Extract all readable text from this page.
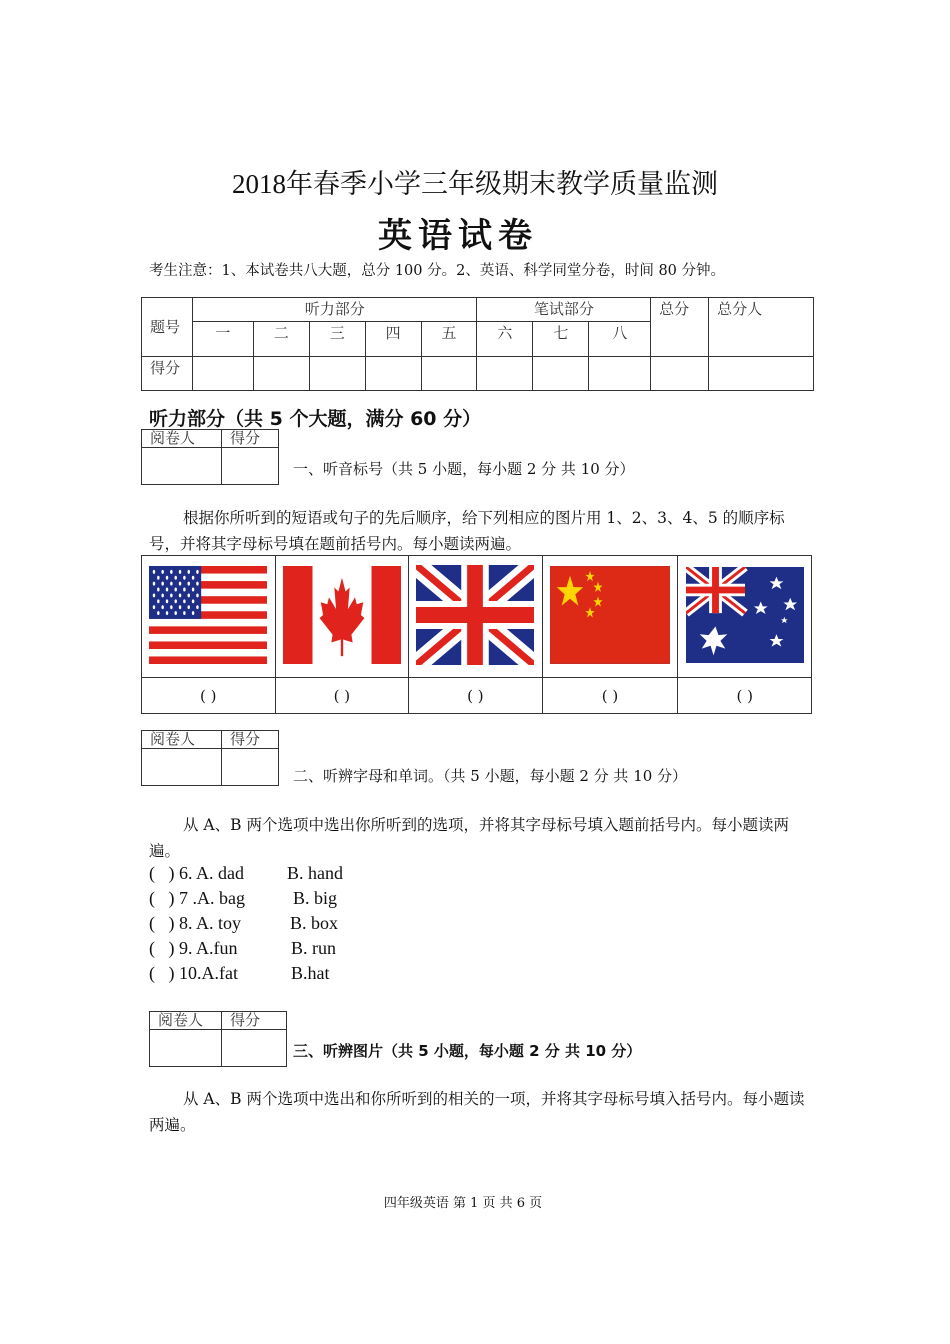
2018年春季小学三年级期末教学质量监测
英语试卷
考生注意：1、本试卷共八大题，总分 100 分。2、英语、科学同堂分卷，时间 80 分钟。
题号	听力部分					笔试部分			总分	总分人
	一	二	三	四	五	六	七	八		
得分										
听力部分（共 5 个大题，满分 60 分）
阅卷人	得分

一、听音标号（共 5 小题，每小题 2 分 共 10 分）
根据你所听到的短语或句子的先后顺序，给下列相应的图片用 1、2、3、4、5 的顺序标号，并将其字母标号填在题前括号内。每小题读两遍。

( )	( )	( )	( )	( )
阅卷人	得分

二、听辨字母和单词。（共 5 小题，每小题 2 分 共 10 分）
从 A、B 两个选项中选出你所听到的选项，并将其字母标号填入题前括号内。每小题读两遍。
(   ) 6. A. dad B. hand
(   ) 7 .A. bag	B. big
(   ) 8. A. toy	B. box
(   ) 9. A.fun	B. run
(   ) 10.A.fat	B.hat
阅卷人	得分

三、听辨图片（共 5 小题，每小题 2 分 共 10 分）
从 A、B 两个选项中选出和你所听到的相关的一项，并将其字母标号填入括号内。每小题读两遍。
四年级英语 第 1 页 共 6 页
